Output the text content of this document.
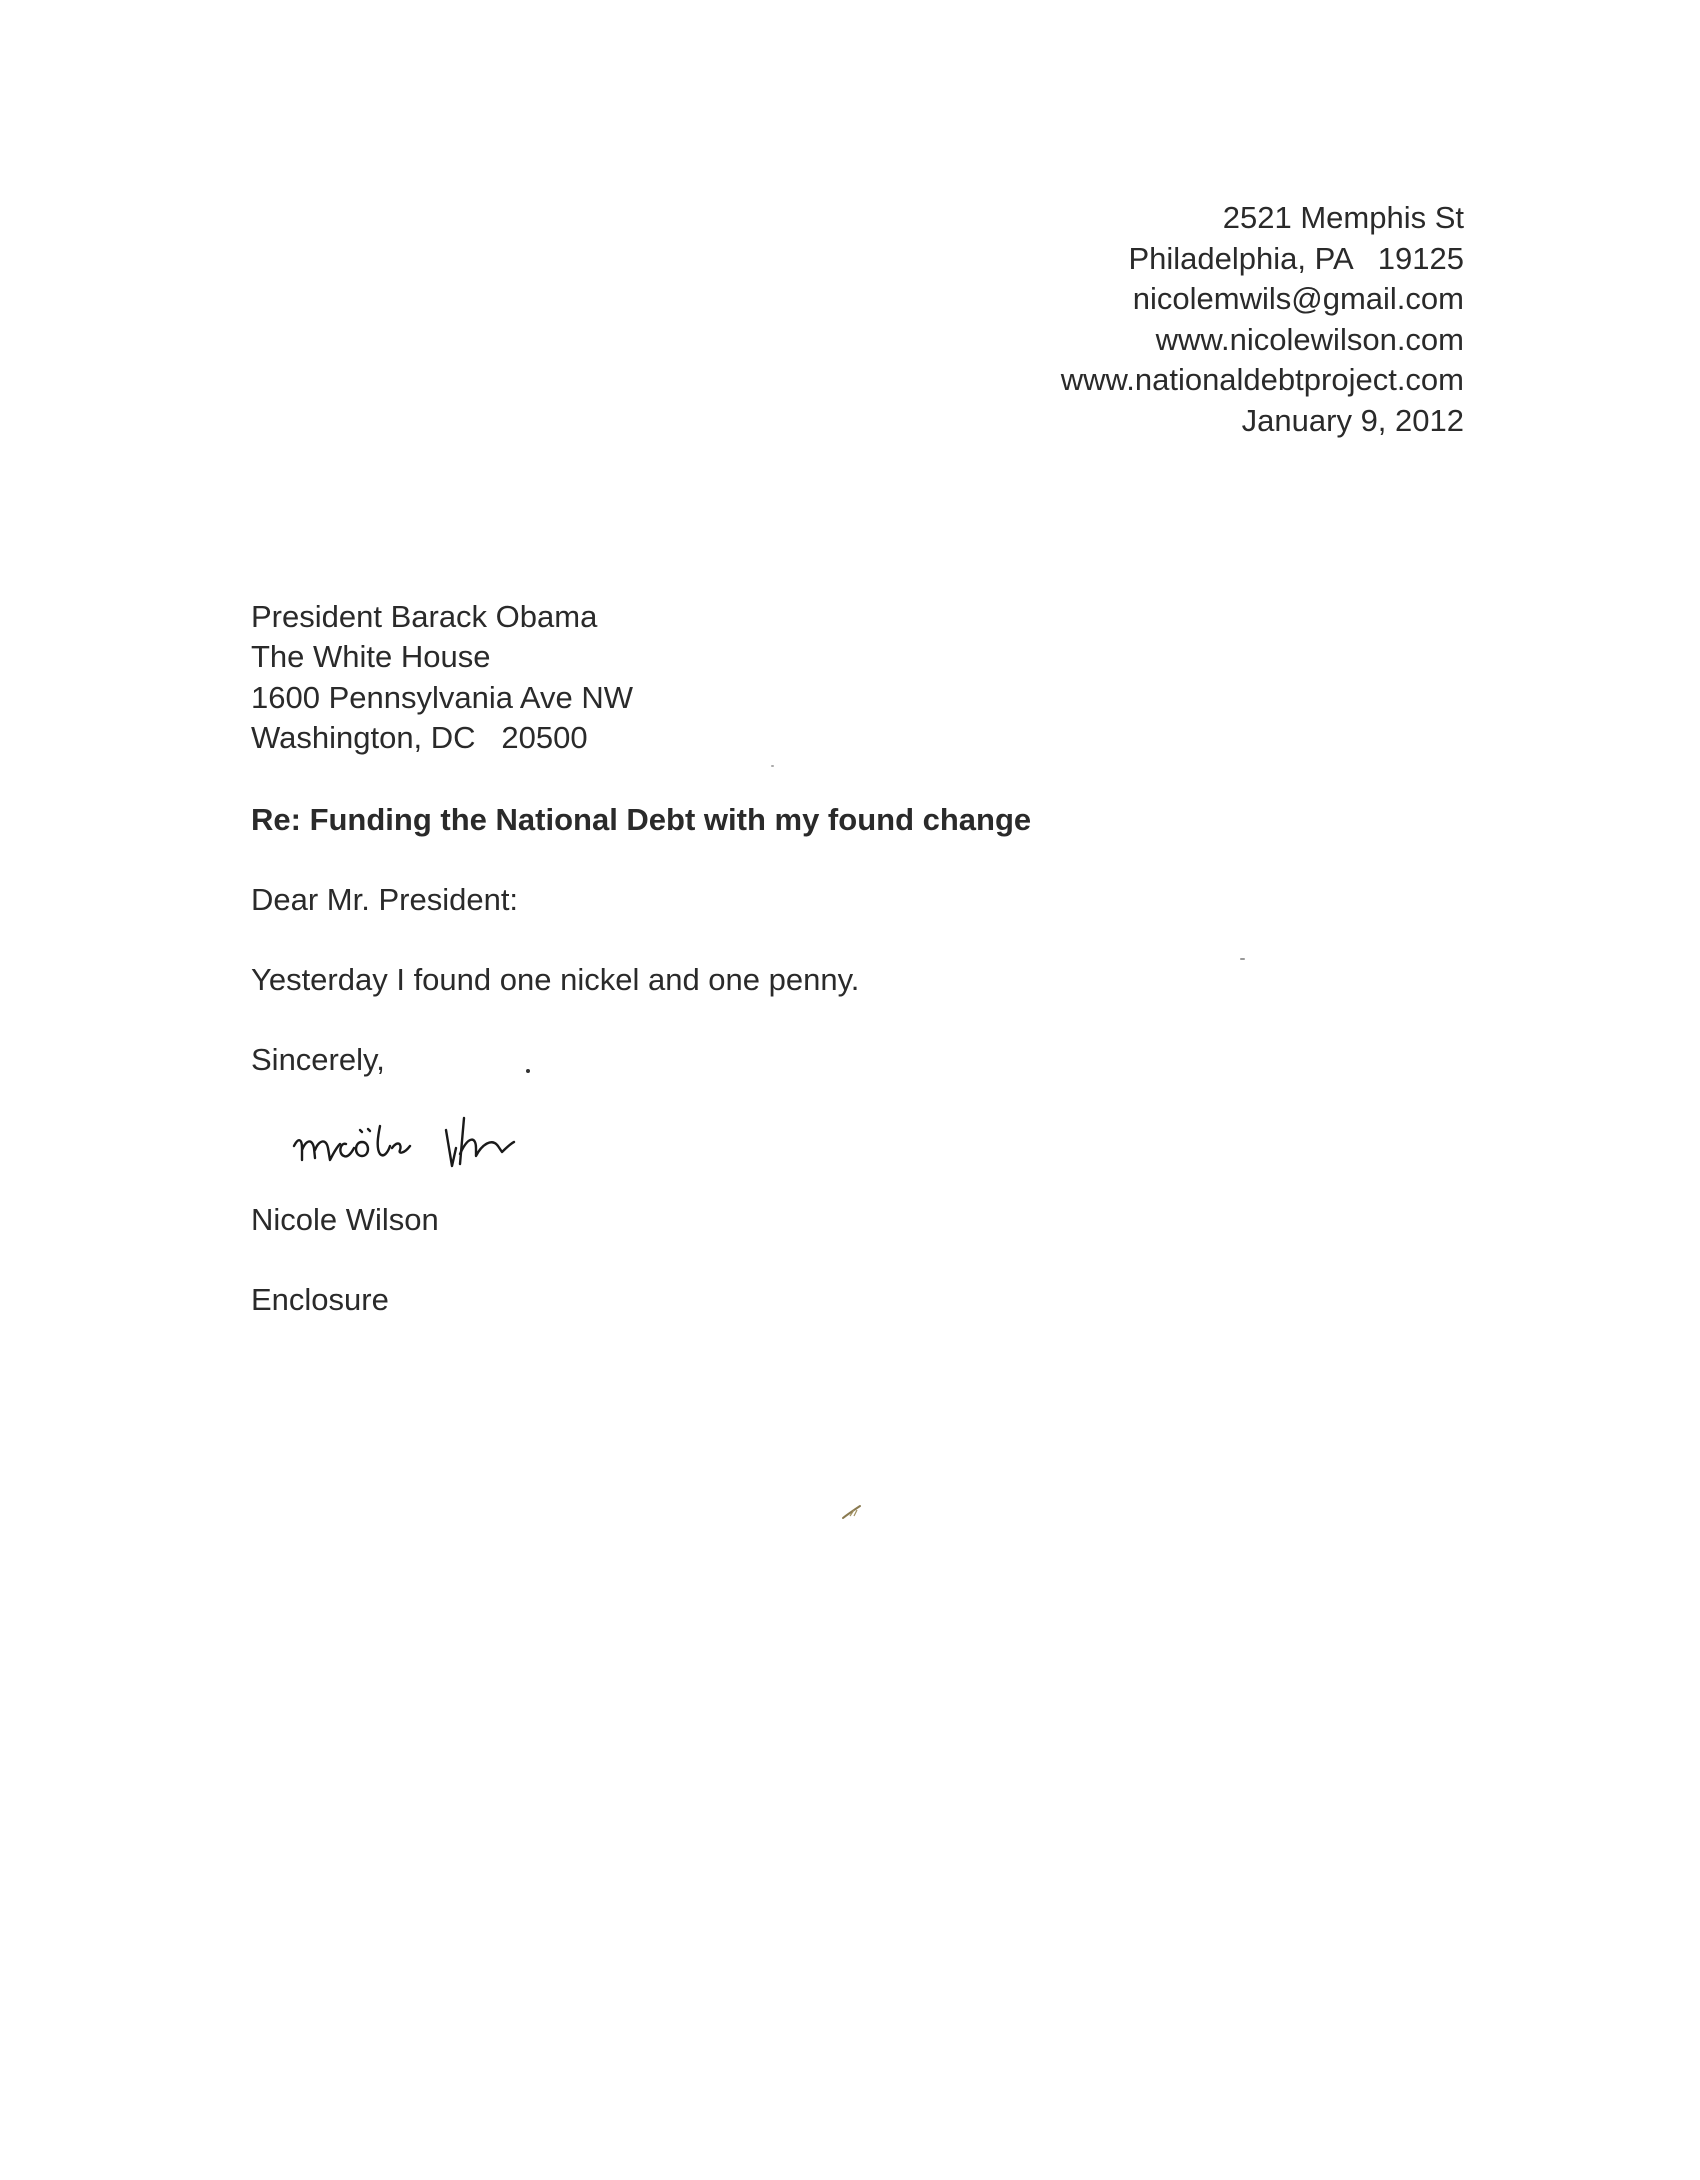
2521 Memphis St
Philadelphia, PA   19125
nicolemwils@gmail.com
www.nicolewilson.com
www.nationaldebtproject.com
January 9, 2012
President Barack Obama
The White House
1600 Pennsylvania Ave NW
Washington, DC   20500
Re: Funding the National Debt with my found change
Dear Mr. President:
Yesterday I found one nickel and one penny.
Sincerely,
Nicole Wilson
Enclosure
